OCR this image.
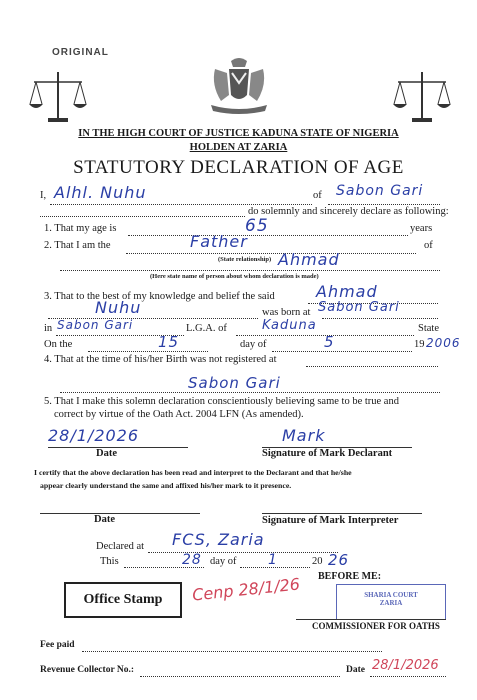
ORIGINAL
IN THE HIGH COURT OF JUSTICE KADUNA STATE OF NIGERIA
HOLDEN AT ZARIA
STATUTORY DECLARATION OF AGE
I, Alhl. Nuhu	of Sabon Gari
do solemnly and sincerely declare as following:
1. That my age is	65	years
2. That I am the	Father	of
(State relationship) Ahmad
(Here state name of person about whom declaration is made)
3. That to the best of my knowledge and belief the said	Ahmad
Nuhu	was born at Sabon Gari
in Sabon Gari	L.G.A. of	Kaduna	State
On the	15	day of	5	19 2006
4. That at the time of his/her Birth was not registered at
Sabon Gari
5. That I make this solemn declaration conscientiously believing same to be true and
correct by virtue of the Oath Act. 2004 LFN (As amended).
28/1/2026
Date
Mark
Signature of Mark Declarant
I certify that the above declaration has been read and interpret to the Declarant and that he/she
appear clearly understand the same and affixed his/her mark to it presence.
Date	Signature of Mark Interpreter
Declared at FCS, Zaria
This	28 day of 1	20 26
BEFORE ME:
Office Stamp Cenp 28/1/26	SHARIA COURT
ZARIA
COMMISSIONER FOR OATHS
Fee paid
Revenue Collector No.:	Date 28/1/2026
